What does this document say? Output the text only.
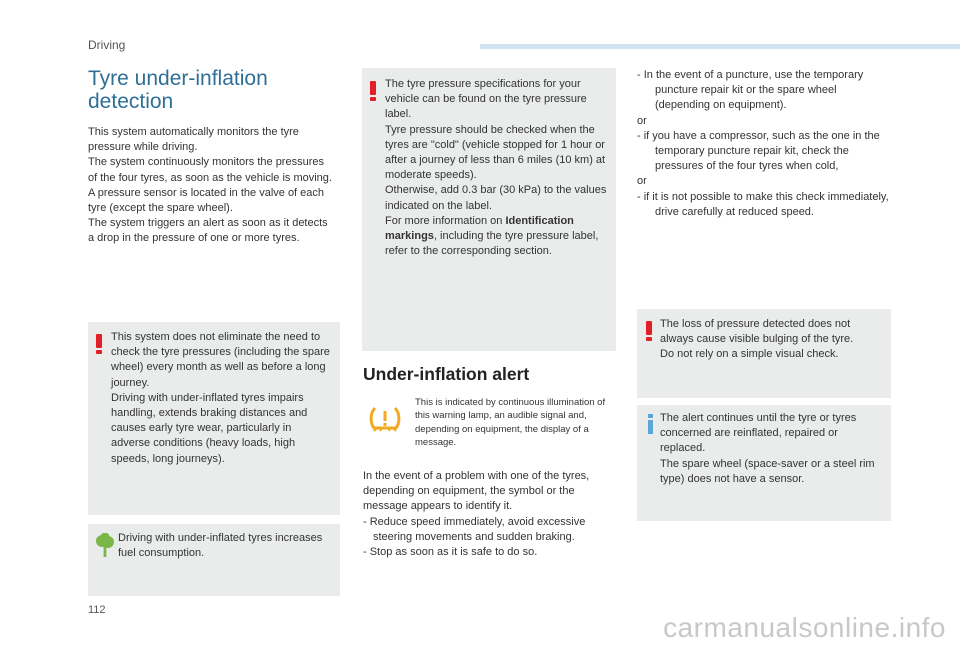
Driving
Tyre under-inflation
detection

This system automatically monitors the tyre pressure while driving.

The system continuously monitors the pressures of the four tyres, as soon as the vehicle is moving.

A pressure sensor is located in the valve of each tyre (except the spare wheel).

The system triggers an alert as soon as it detects a drop in the pressure of one or more tyres.

This system does not eliminate the need to check the tyre pressures (including the spare wheel) every month as well as before a long journey.

Driving with under-inflated tyres impairs handling, extends braking distances and causes early tyre wear, particularly in adverse conditions (heavy loads, high speeds, long journeys).

Driving with under-inflated tyres increases fuel consumption.

The tyre pressure specifications for your vehicle can be found on the tyre pressure label.

Tyre pressure should be checked when the tyres are "cold" (vehicle stopped for 1 hour or after a journey of less than 6 miles (10 km) at moderate speeds).

Otherwise, add 0.3 bar (30 kPa) to the values indicated on the label.

For more information on Identification markings, including the tyre pressure label, refer to the corresponding section.

Under-inflation alert
This is indicated by continuous illumination of this warning lamp, an audible signal and, depending on equipment, the display of a message.

In the event of a problem with one of the tyres, depending on equipment, the symbol or the message appears to identify it.

- Reduce speed immediately, avoid excessive steering movements and sudden braking.

- Stop as soon as it is safe to do so.

- In the event of a puncture, use the temporary puncture repair kit or the spare wheel (depending on equipment).

or

- if you have a compressor, such as the one in the temporary puncture repair kit, check the pressures of the four tyres when cold,

or

- if it is not possible to make this check immediately, drive carefully at reduced speed.

The loss of pressure detected does not always cause visible bulging of the tyre.

Do not rely on a simple visual check.

The alert continues until the tyre or tyres concerned are reinflated, repaired or replaced.

The spare wheel (space-saver or a steel rim type) does not have a sensor.

112
carmanualsonline.info
